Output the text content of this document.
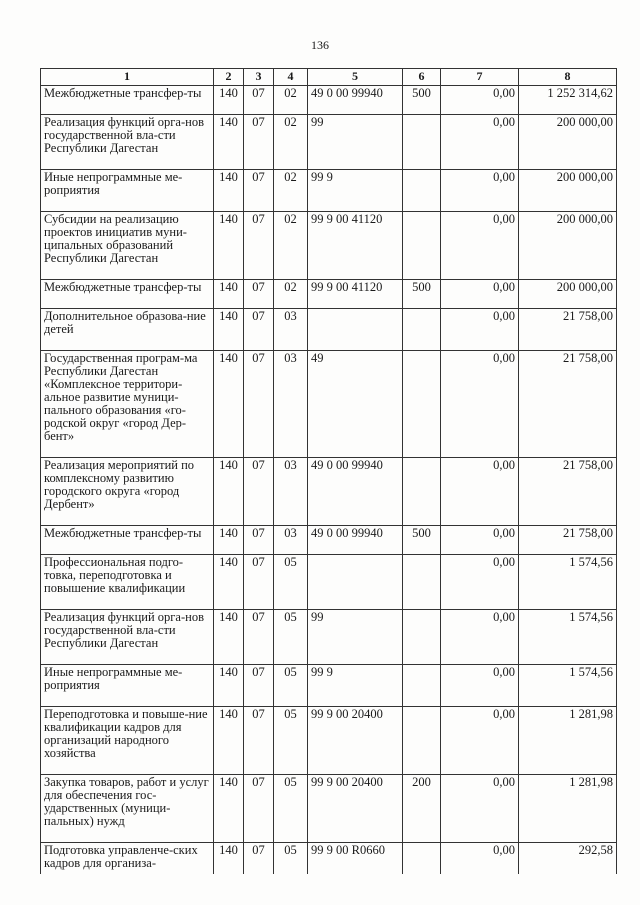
136
1	2	3	4	5	6	7	8
Межбюджетные трансфер-ты	140	07	02	49 0 00 99940	500	0,00	1 252 314,62
Реализация функций орга-нов государственной вла-сти Республики Дагестан	140	07	02	99		0,00	200 000,00
Иные непрограммные ме-роприятия	140	07	02	99 9		0,00	200 000,00
Субсидии на реализацию проектов инициатив муни-ципальных образований Республики Дагестан	140	07	02	99 9 00 41120		0,00	200 000,00
Межбюджетные трансфер-ты	140	07	02	99 9 00 41120	500	0,00	200 000,00
Дополнительное образова-ние детей	140	07	03			0,00	21 758,00
Государственная програм-ма Республики Дагестан «Комплексное территори-альное развитие муници-пального образования «го-родской округ «город Дер-бент»	140	07	03	49		0,00	21 758,00
Реализация мероприятий по комплексному развитию городского округа «город Дербент»	140	07	03	49 0 00 99940		0,00	21 758,00
Межбюджетные трансфер-ты	140	07	03	49 0 00 99940	500	0,00	21 758,00
Профессиональная подго-товка, переподготовка и повышение квалификации	140	07	05			0,00	1 574,56
Реализация функций орга-нов государственной вла-сти Республики Дагестан	140	07	05	99		0,00	1 574,56
Иные непрограммные ме-роприятия	140	07	05	99 9		0,00	1 574,56
Переподготовка и повыше-ние квалификации кадров для организаций народного хозяйства	140	07	05	99 9 00 20400		0,00	1 281,98
Закупка товаров, работ и услуг для обеспечения гос-ударственных (муници-пальных) нужд	140	07	05	99 9 00 20400	200	0,00	1 281,98
Подготовка управленче-ских кадров для организа-	140	07	05	99 9 00 R0660		0,00	292,58
